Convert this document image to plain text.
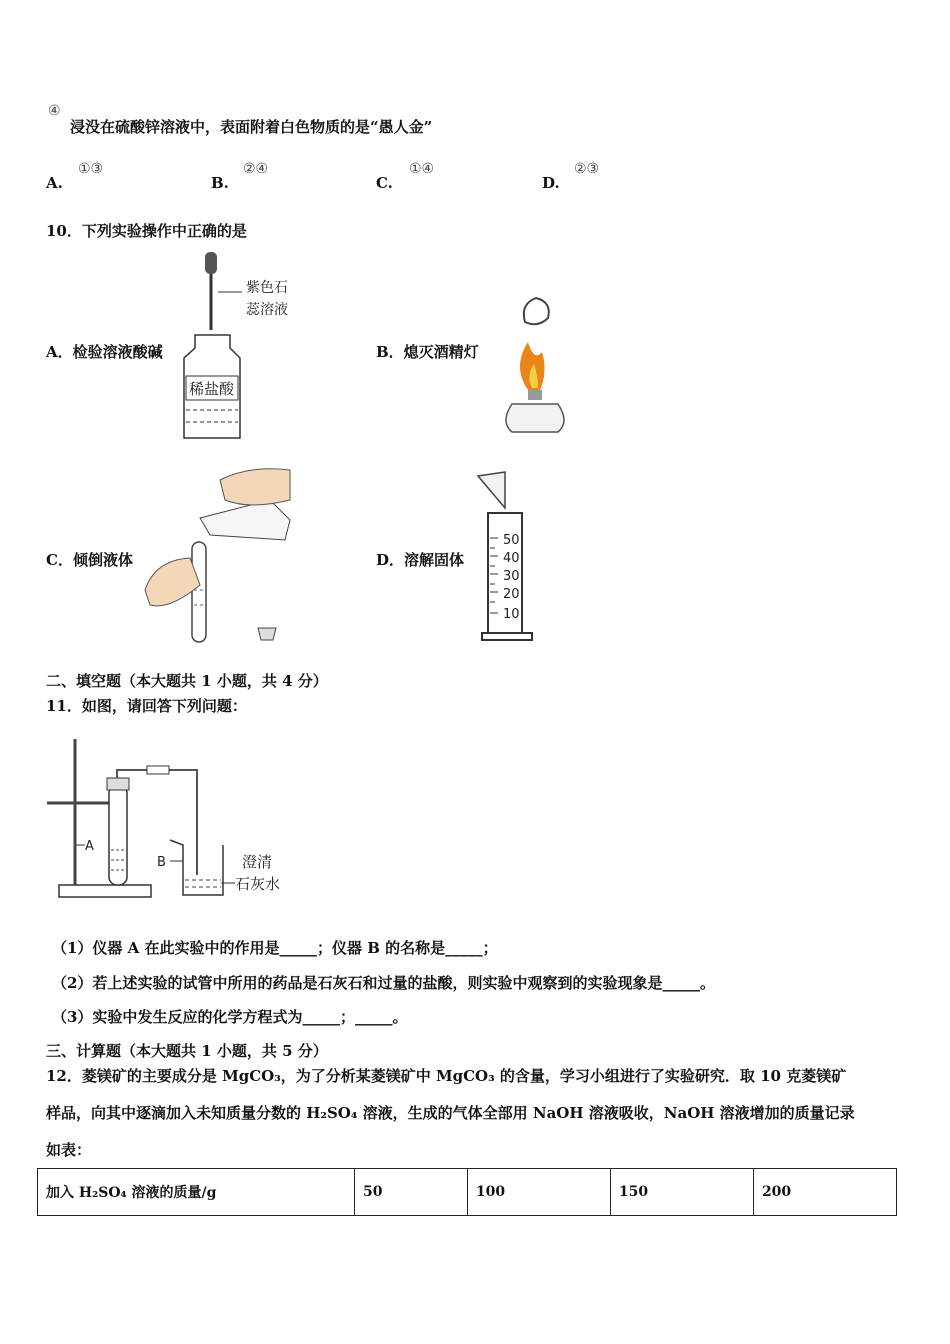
④
浸没在硫酸锌溶液中，表面附着白色物质的是“愚人金”
A.
①③
B.
②④
C.
①④
D.
②③
10．下列实验操作中正确的是
A．检验溶液酸碱
紫色石
蕊溶液
稀盐酸
B．熄灭酒精灯
C．倾倒液体	D．溶解固体
50
40
30
20
10
二、填空题（本大题共 1 小题，共 4 分）
11．如图，请回答下列问题：
A
B	澄清
石灰水
（1）仪器 A 在此实验中的作用是_____；仪器 B 的名称是_____；
（2）若上述实验的试管中所用的药品是石灰石和过量的盐酸，则实验中观察到的实验现象是_____。
（3）实验中发生反应的化学方程式为_____；_____。
三、计算题（本大题共 1 小题，共 5 分）
12．菱镁矿的主要成分是 MgCO₃，为了分析某菱镁矿中 MgCO₃ 的含量，学习小组进行了实验研究．取 10 克菱镁矿
样品，向其中逐滴加入未知质量分数的 H₂SO₄ 溶液，生成的气体全部用 NaOH 溶液吸收，NaOH 溶液增加的质量记录
如表：
加入 H₂SO₄ 溶液的质量/g	50	100	150	200
